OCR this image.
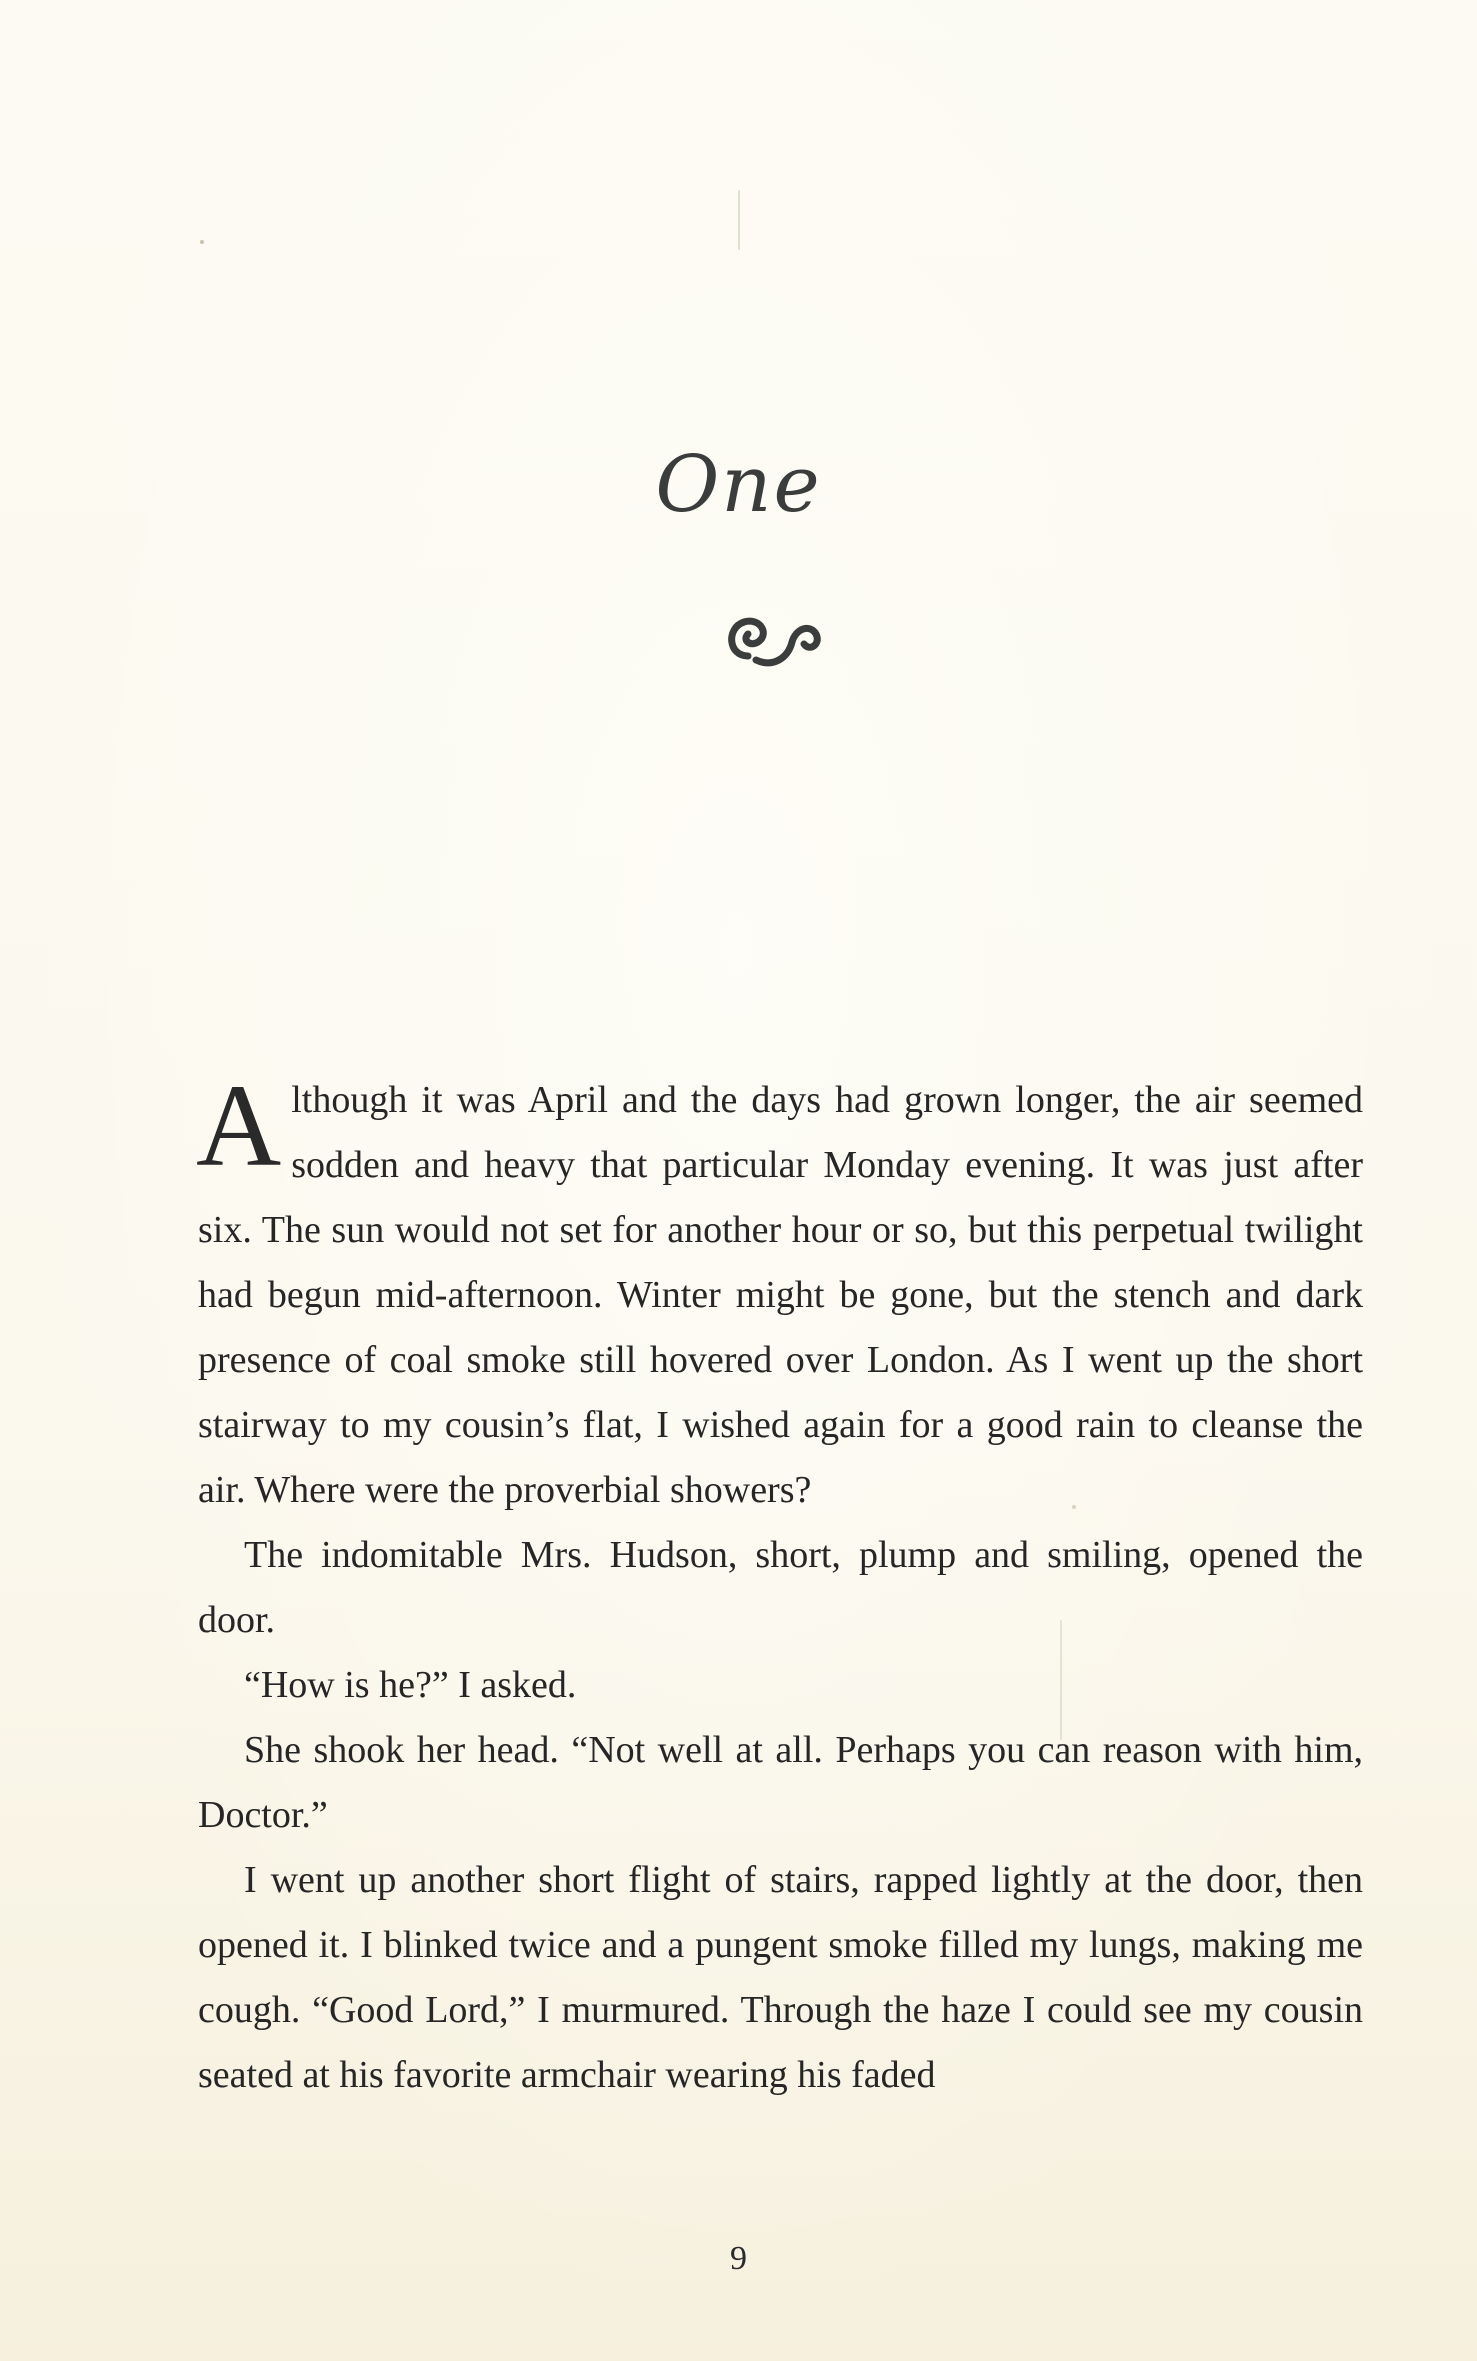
One

A lthough it was April and the days had grown longer, the air seemed sodden and heavy that particular Monday evening. It was just after six. The sun would not set for another hour or so, but this perpetual twilight had begun mid-afternoon. Winter might be gone, but the stench and dark presence of coal smoke still hovered over London. As I went up the short stairway to my cousin’s flat, I wished again for a good rain to cleanse the air. Where were the proverbial showers?

The indomitable Mrs. Hudson, short, plump and smiling, opened the door.

“How is he?” I asked.

She shook her head. “Not well at all. Perhaps you can reason with him, Doctor.”

I went up another short flight of stairs, rapped lightly at the door, then opened it. I blinked twice and a pungent smoke filled my lungs, making me cough. “Good Lord,” I murmured. Through the haze I could see my cousin seated at his favorite armchair wearing his faded

9
